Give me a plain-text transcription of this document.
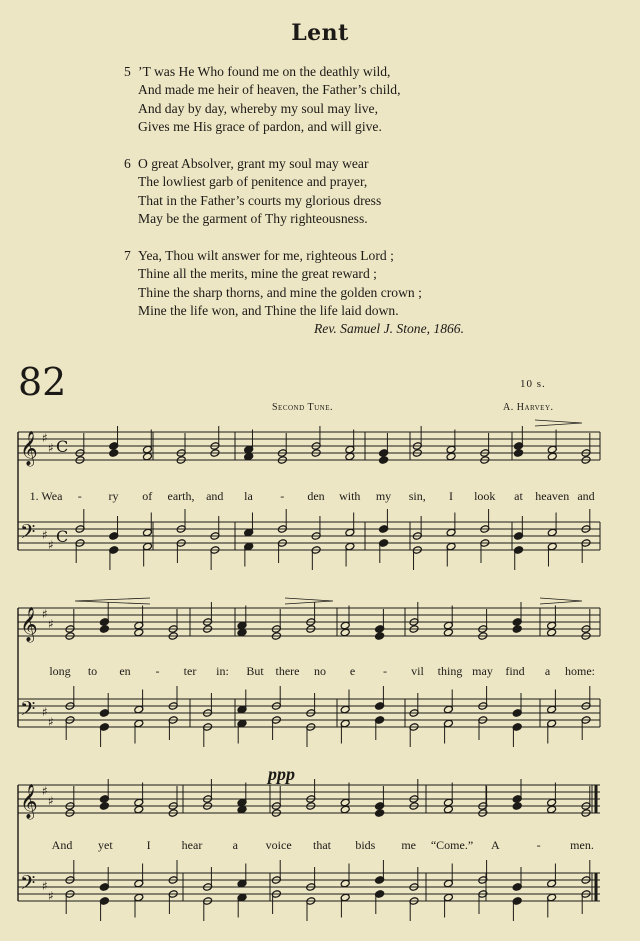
Lent
5 ’T was He Who found me on the deathly wild,
And made me heir of heaven, the Father’s child,
And day by day, whereby my soul may live,
Gives me His grace of pardon, and will give.
6 O great Absolver, grant my soul may wear
The lowliest garb of penitence and prayer,
That in the Father’s courts my glorious dress
May be the garment of Thy righteousness.
7 Yea, Thou wilt answer for me, righteous Lord ;
Thine all the merits, mine the great reward ;
Thine the sharp thorns, and mine the golden crown ;
Mine the life won, and Thine the life laid down.
Rev. Samuel J. Stone, 1866.
82	10 s.
Second Tune.	A. Harvey.
ppp
𝄞
𝄢
♯
♯
♯
♯
C
C
𝄞
𝄢
♯
♯
♯
♯
𝄞
𝄢
♯
♯
♯
♯
1. Wea - ry of earth, and la - den with my sin, I look at heaven and
long to en - ter in: But there no e - vil thing may find a home:
And yet	I	hear	a voice that bids me “Come.” A	- men.
